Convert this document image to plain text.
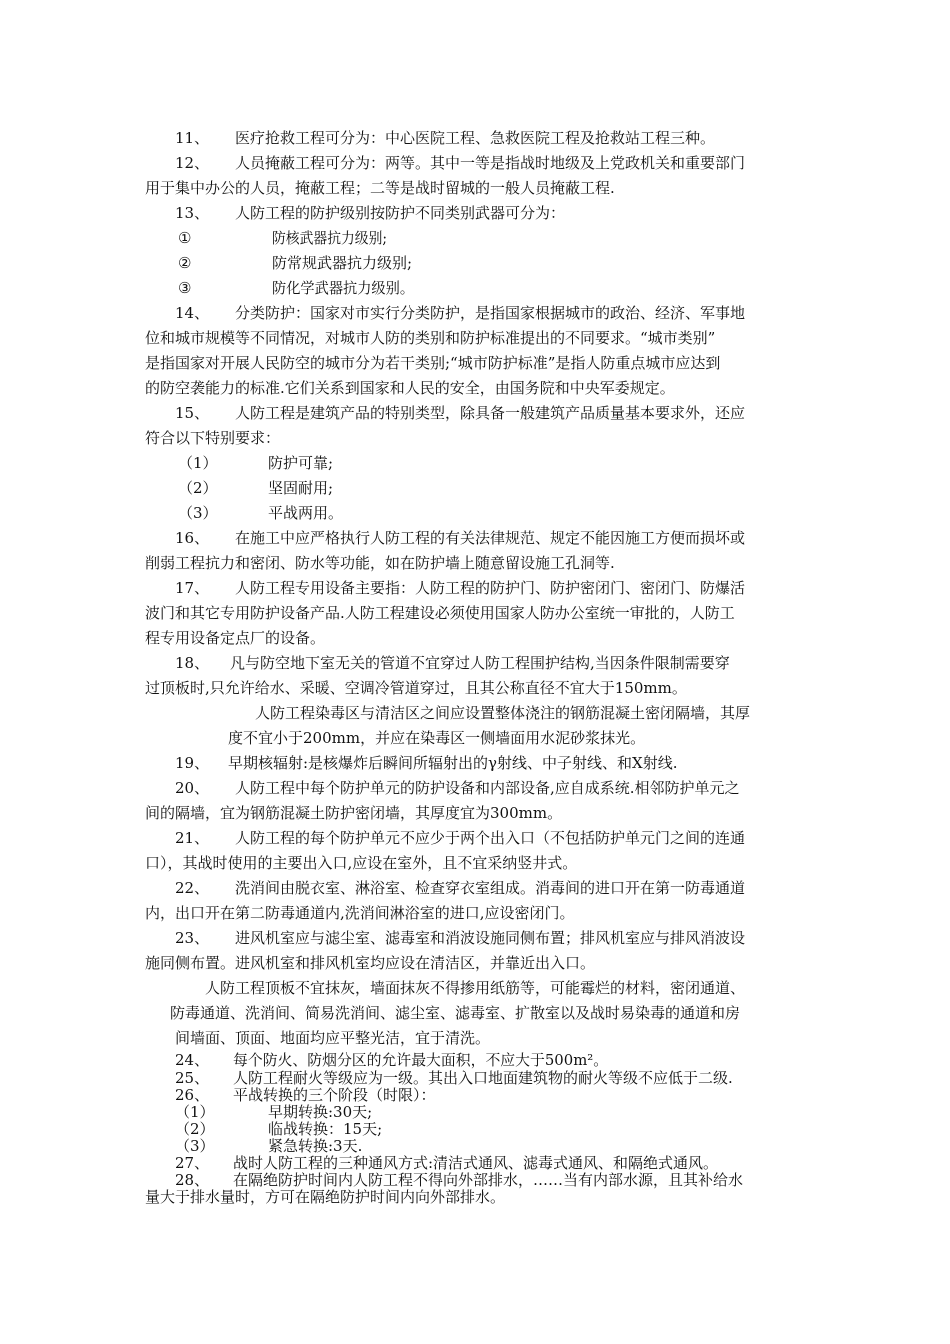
11、 医疗抢救工程可分为：中心医院工程、急救医院工程及抢救站工程三种。
12、 人员掩蔽工程可分为：两等。其中一等是指战时地级及上党政机关和重要部门
用于集中办公的人员，掩蔽工程；二等是战时留城的一般人员掩蔽工程.
13、 人防工程的防护级别按防护不同类别武器可分为：
①	防核武器抗力级别;
②	防常规武器抗力级别;
③	防化学武器抗力级别。
14、 分类防护：国家对市实行分类防护，是指国家根据城市的政治、经济、军事地
位和城市规模等不同情况，对城市人防的类别和防护标准提出的不同要求。“城市类别”
是指国家对开展人民防空的城市分为若干类别;“城市防护标准”是指人防重点城市应达到
的防空袭能力的标准.它们关系到国家和人民的安全，由国务院和中央军委规定。
15、 人防工程是建筑产品的特别类型，除具备一般建筑产品质量基本要求外，还应
符合以下特别要求：
（1）	防护可靠;
（2）	坚固耐用;
（3）	平战两用。
16、 在施工中应严格执行人防工程的有关法律规范、规定不能因施工方便而损坏或
削弱工程抗力和密闭、防水等功能，如在防护墙上随意留设施工孔洞等.
17、 人防工程专用设备主要指：人防工程的防护门、防护密闭门、密闭门、防爆活
波门和其它专用防护设备产品.人防工程建设必须使用国家人防办公室统一审批的，人防工
程专用设备定点厂的设备。
18、 凡与防空地下室无关的管道不宜穿过人防工程围护结构,当因条件限制需要穿
过顶板时,只允许给水、采暖、空调冷管道穿过，且其公称直径不宜大于150mm。
人防工程染毒区与清洁区之间应设置整体浇注的钢筋混凝土密闭隔墙，其厚
度不宜小于200mm，并应在染毒区一侧墙面用水泥砂浆抹光。
19、 早期核辐射:是核爆炸后瞬间所辐射出的γ射线、中子射线、和X射线.
20、 人防工程中每个防护单元的防护设备和内部设备,应自成系统.相邻防护单元之
间的隔墙，宜为钢筋混凝土防护密闭墙，其厚度宜为300mm。
21、 人防工程的每个防护单元不应少于两个出入口（不包括防护单元门之间的连通
口），其战时使用的主要出入口,应设在室外，且不宜采纳竖井式。
22、 洗消间由脱衣室、淋浴室、检查穿衣室组成。消毒间的进口开在第一防毒通道
内，出口开在第二防毒通道内,洗消间淋浴室的进口,应设密闭门。
23、 进风机室应与滤尘室、滤毒室和消波设施同侧布置；排风机室应与排风消波设
施同侧布置。进风机室和排风机室均应设在清洁区，并靠近出入口。
人防工程顶板不宜抹灰，墙面抹灰不得掺用纸筋等，可能霉烂的材料，密闭通道、
防毒通道、洗消间、简易洗消间、滤尘室、滤毒室、扩散室以及战时易染毒的通道和房
间墙面、顶面、地面均应平整光洁，宜于清洗。
24、 每个防火、防烟分区的允许最大面积，不应大于500m²。
25、 人防工程耐火等级应为一级。其出入口地面建筑物的耐火等级不应低于二级.
26、 平战转换的三个阶段（时限）：
（1）	早期转换:30天;
（2）	临战转换：15天;
（3）	紧急转换:3天.
27、 战时人防工程的三种通风方式:清洁式通风、滤毒式通风、和隔绝式通风。
28、 在隔绝防护时间内人防工程不得向外部排水，……当有内部水源，且其补给水
量大于排水量时，方可在隔绝防护时间内向外部排水。
